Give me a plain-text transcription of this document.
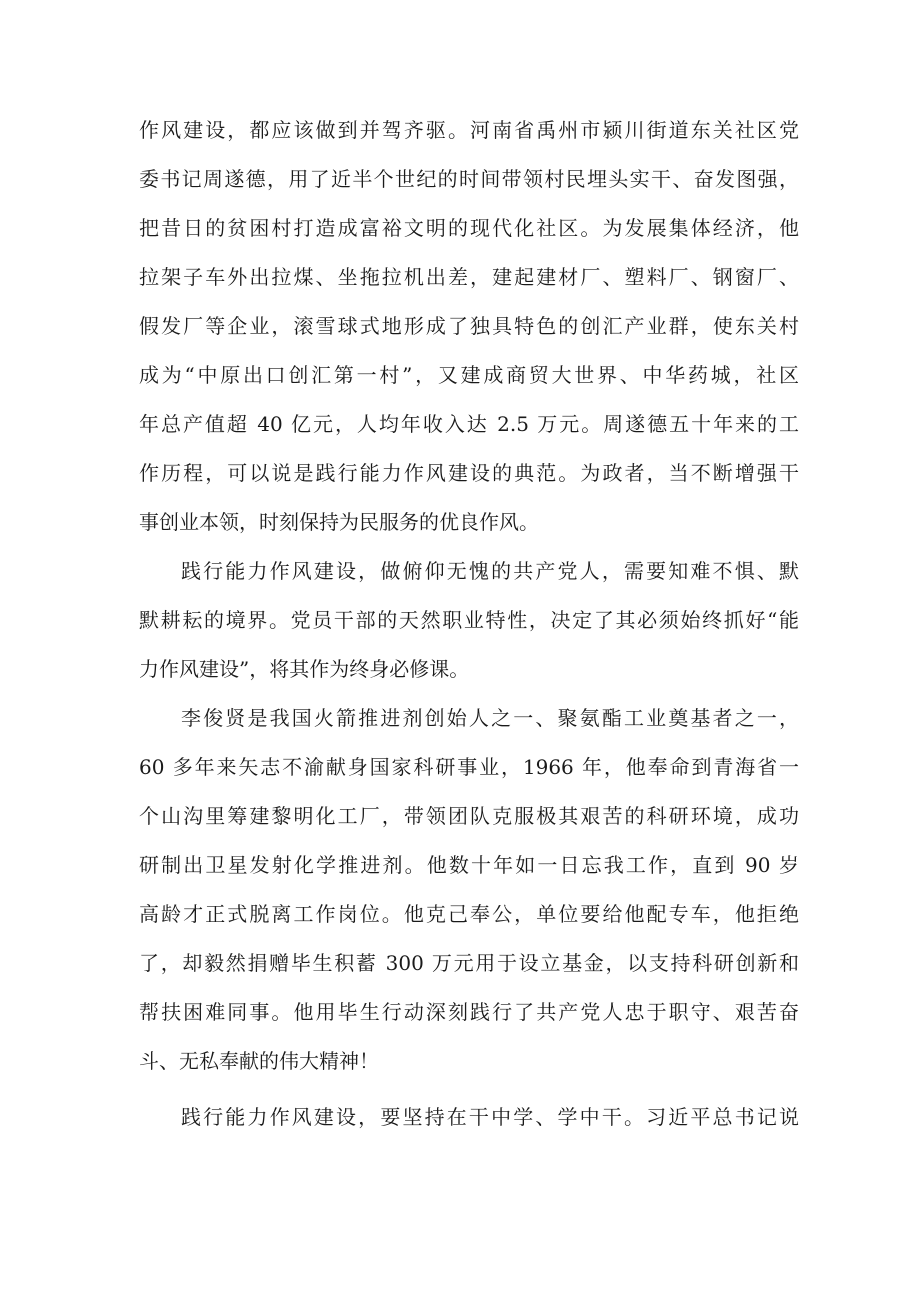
作风建设，都应该做到并驾齐驱。河南省禹州市颍川街道东关社区党
委书记周遂德，用了近半个世纪的时间带领村民埋头实干、奋发图强，
把昔日的贫困村打造成富裕文明的现代化社区。为发展集体经济，他
拉架子车外出拉煤、坐拖拉机出差，建起建材厂、塑料厂、钢窗厂、
假发厂等企业，滚雪球式地形成了独具特色的创汇产业群，使东关村
成为“中原出口创汇第一村”，又建成商贸大世界、中华药城，社区
年总产值超 40 亿元，人均年收入达 2.5 万元。周遂德五十年来的工
作历程，可以说是践行能力作风建设的典范。为政者，当不断增强干
事创业本领，时刻保持为民服务的优良作风。
践行能力作风建设，做俯仰无愧的共产党人，需要知难不惧、默
默耕耘的境界。党员干部的天然职业特性，决定了其必须始终抓好“能
力作风建设”，将其作为终身必修课。
李俊贤是我国火箭推进剂创始人之一、聚氨酯工业奠基者之一，
60 多年来矢志不渝献身国家科研事业，1966 年，他奉命到青海省一
个山沟里筹建黎明化工厂，带领团队克服极其艰苦的科研环境，成功
研制出卫星发射化学推进剂。他数十年如一日忘我工作，直到 90 岁
高龄才正式脱离工作岗位。他克己奉公，单位要给他配专车，他拒绝
了，却毅然捐赠毕生积蓄 300 万元用于设立基金，以支持科研创新和
帮扶困难同事。他用毕生行动深刻践行了共产党人忠于职守、艰苦奋
斗、无私奉献的伟大精神！
践行能力作风建设，要坚持在干中学、学中干。习近平总书记说
